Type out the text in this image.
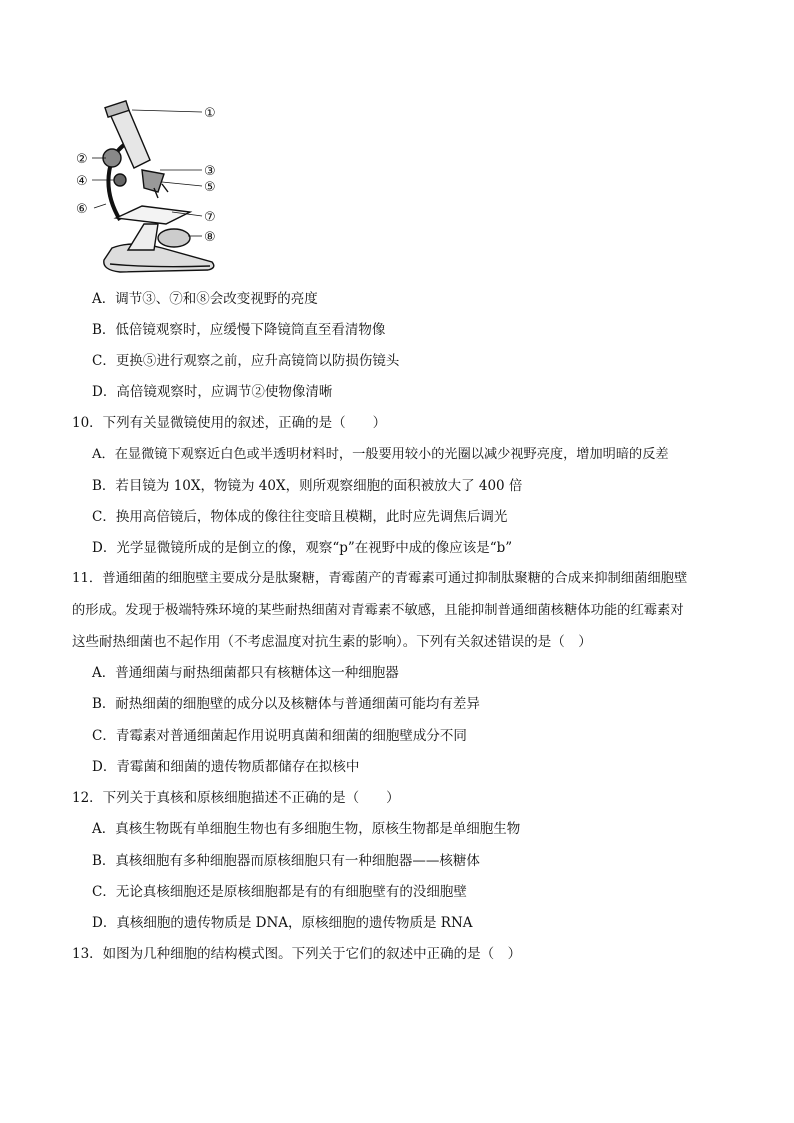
①
②
③
④	⑤
⑥
⑦
⑧
A．调节③、⑦和⑧会改变视野的亮度
B．低倍镜观察时，应缓慢下降镜筒直至看清物像
C．更换⑤进行观察之前，应升高镜筒以防损伤镜头
D．高倍镜观察时，应调节②使物像清晰
10．下列有关显微镜使用的叙述，正确的是（　　）
A．在显微镜下观察近白色或半透明材料时，一般要用较小的光圈以减少视野亮度，增加明暗的反差
B．若目镜为 10X，物镜为 40X，则所观察细胞的面积被放大了 400 倍
C．换用高倍镜后，物体成的像往往变暗且模糊，此时应先调焦后调光
D．光学显微镜所成的是倒立的像，观察“p”在视野中成的像应该是“b”
11．普通细菌的细胞壁主要成分是肽聚糖，青霉菌产的青霉素可通过抑制肽聚糖的合成来抑制细菌细胞壁
的形成。发现于极端特殊环境的某些耐热细菌对青霉素不敏感，且能抑制普通细菌核糖体功能的红霉素对
这些耐热细菌也不起作用（不考虑温度对抗生素的影响）。下列有关叙述错误的是（　）
A．普通细菌与耐热细菌都只有核糖体这一种细胞器
B．耐热细菌的细胞壁的成分以及核糖体与普通细菌可能均有差异
C．青霉素对普通细菌起作用说明真菌和细菌的细胞壁成分不同
D．青霉菌和细菌的遗传物质都储存在拟核中
12．下列关于真核和原核细胞描述不正确的是（　　）
A．真核生物既有单细胞生物也有多细胞生物，原核生物都是单细胞生物
B．真核细胞有多种细胞器而原核细胞只有一种细胞器——核糖体
C．无论真核细胞还是原核细胞都是有的有细胞壁有的没细胞壁
D．真核细胞的遗传物质是 DNA，原核细胞的遗传物质是 RNA
13．如图为几种细胞的结构模式图。下列关于它们的叙述中正确的是（　）
